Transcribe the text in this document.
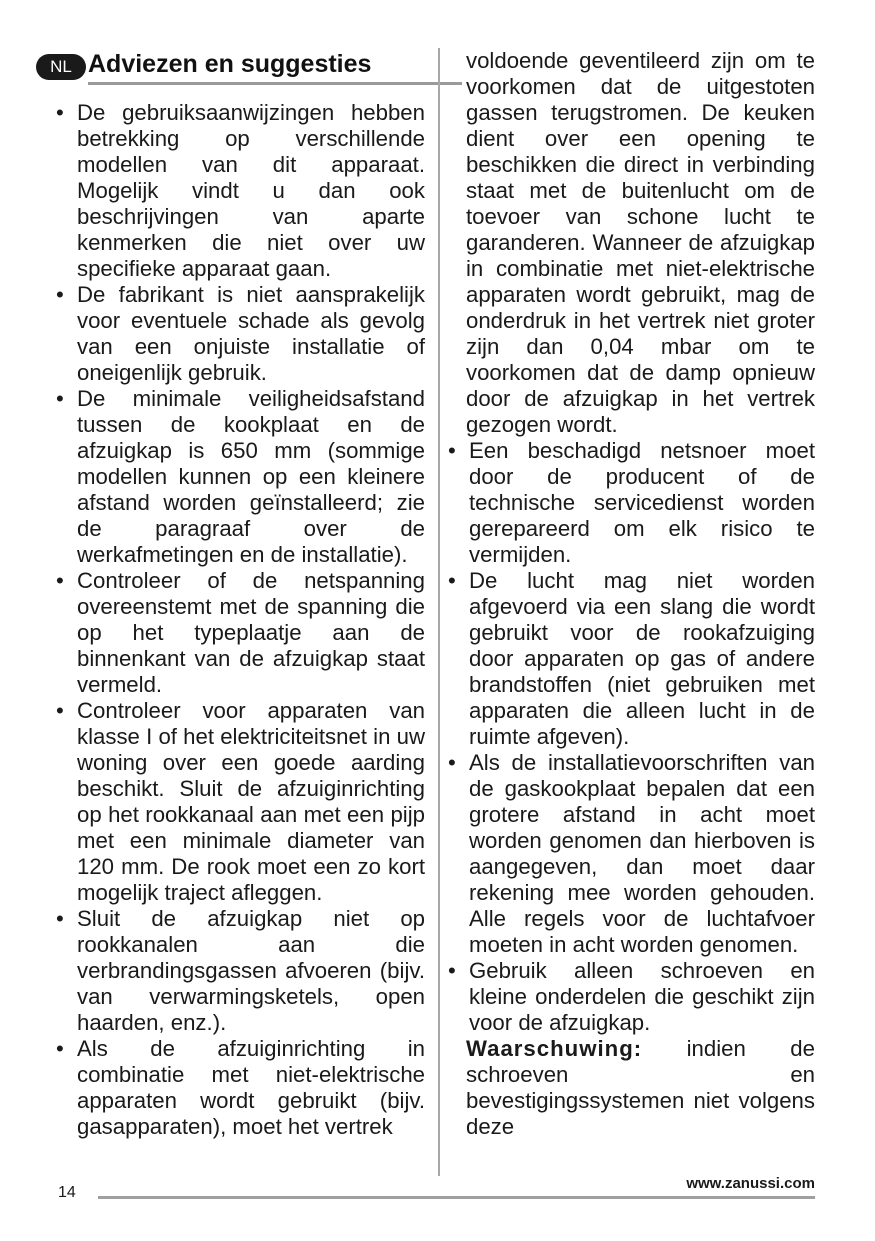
NL Adviezen en suggesties
• De gebruiksaanwijzingen hebben betrekking op verschillende modellen van dit apparaat. Mogelijk vindt u dan ook beschrijvingen van aparte kenmerken die niet over uw specifieke apparaat gaan.
• De fabrikant is niet aansprakelijk voor eventuele schade als gevolg van een onjuiste installatie of oneigenlijk gebruik.
• De minimale veiligheidsafstand tussen de kookplaat en de afzuigkap is 650 mm (sommige modellen kunnen op een kleinere afstand worden geïnstalleerd; zie de paragraaf over de werkafmetingen en de installatie).
• Controleer of de netspanning overeenstemt met de spanning die op het typeplaatje aan de binnenkant van de afzuigkap staat vermeld.
• Controleer voor apparaten van klasse I of het elektriciteitsnet in uw woning over een goede aarding beschikt. Sluit de afzuiginrichting op het rookkanaal aan met een pijp met een minimale diameter van 120 mm. De rook moet een zo kort mogelijk traject afleggen.
• Sluit de afzuigkap niet op rookkanalen aan die verbrandingsgassen afvoeren (bijv. van verwarmingsketels, open haarden, enz.).
• Als de afzuiginrichting in combinatie met niet-elektrische apparaten wordt gebruikt (bijv. gasapparaten), moet het vertrek
voldoende geventileerd zijn om te voorkomen dat de uitgestoten gassen terugstromen. De keuken dient over een opening te beschikken die direct in verbinding staat met de buitenlucht om de toevoer van schone lucht te garanderen. Wanneer de afzuigkap in combinatie met niet-elektrische apparaten wordt gebruikt, mag de onderdruk in het vertrek niet groter zijn dan 0,04 mbar om te voorkomen dat de damp opnieuw door de afzuigkap in het vertrek gezogen wordt.
• Een beschadigd netsnoer moet door de producent of de technische servicedienst worden gerepareerd om elk risico te vermijden.
• De lucht mag niet worden afgevoerd via een slang die wordt gebruikt voor de rookafzuiging door apparaten op gas of andere brandstoffen (niet gebruiken met apparaten die alleen lucht in de ruimte afgeven).
• Als de installatievoorschriften van de gaskookplaat bepalen dat een grotere afstand in acht moet worden genomen dan hierboven is aangegeven, dan moet daar rekening mee worden gehouden. Alle regels voor de luchtafvoer moeten in acht worden genomen.
• Gebruik alleen schroeven en kleine onderdelen die geschikt zijn voor de afzuigkap.
Waarschuwing: indien de schroeven en bevestigingssystemen niet volgens deze
www.zanussi.com
14
